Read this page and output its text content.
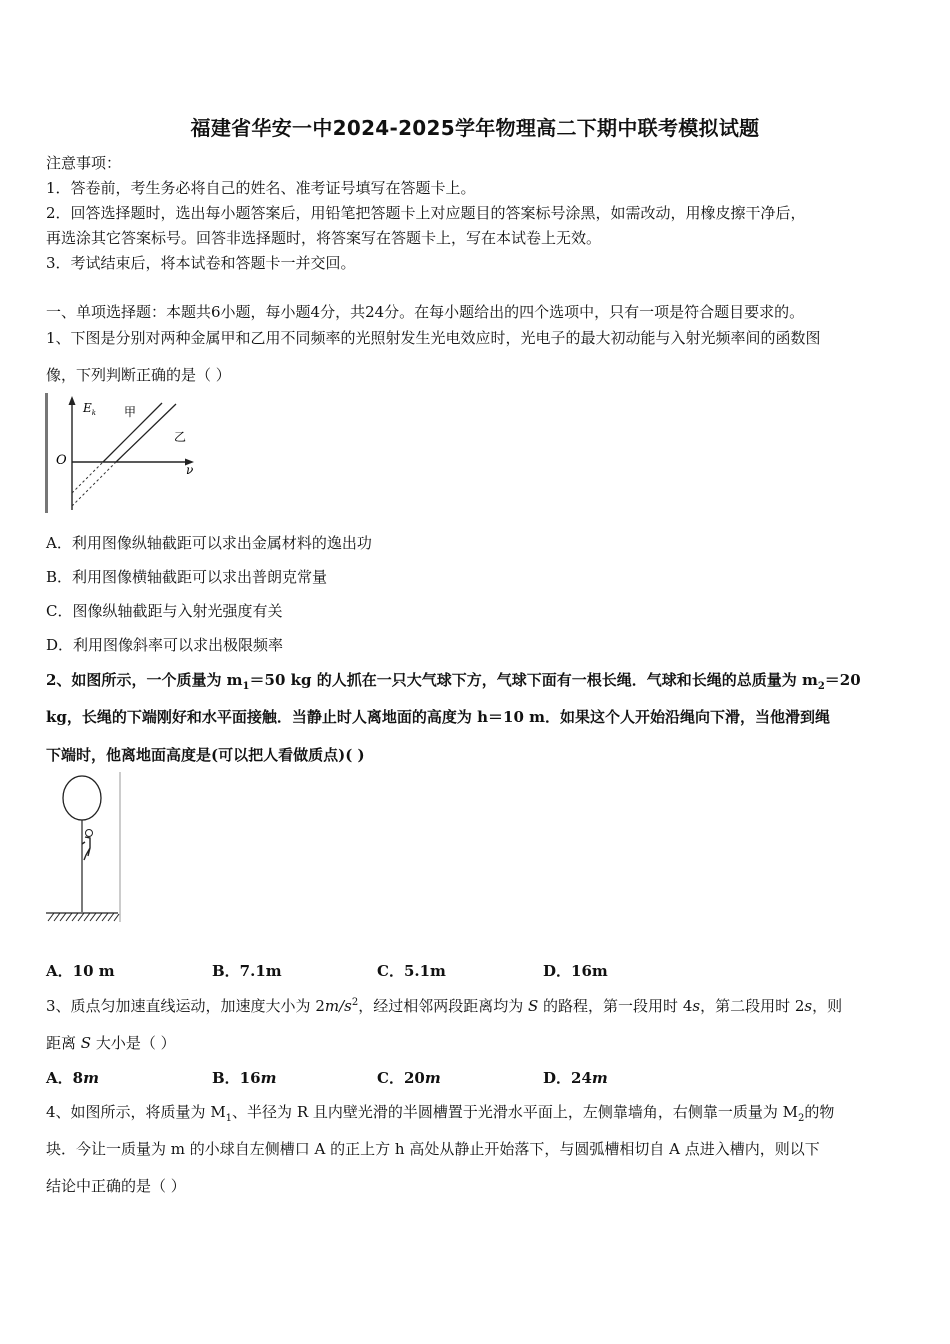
福建省华安一中2024-2025学年物理高二下期中联考模拟试题
注意事项：
1．答卷前，考生务必将自己的姓名、准考证号填写在答题卡上。
2．回答选择题时，选出每小题答案后，用铅笔把答题卡上对应题目的答案标号涂黑，如需改动，用橡皮擦干净后，
再选涂其它答案标号。回答非选择题时，将答案写在答题卡上，写在本试卷上无效。
3．考试结束后，将本试卷和答题卡一并交回。
一、单项选择题：本题共6小题，每小题4分，共24分。在每小题给出的四个选项中，只有一项是符合题目要求的。
1、下图是分别对两种金属甲和乙用不同频率的光照射发生光电效应时，光电子的最大初动能与入射光频率间的函数图
像，下列判断正确的是（ ）
$E_k$
ν
O
甲
乙
A．利用图像纵轴截距可以求出金属材料的逸出功
B．利用图像横轴截距可以求出普朗克常量
C．图像纵轴截距与入射光强度有关
D．利用图像斜率可以求出极限频率
2、如图所示，一个质量为 $m_1=50$ kg 的人抓在一只大气球下方，气球下面有一根长绳．气球和长绳的总质量为 $m_2=20$
kg，长绳的下端刚好和水平面接触．当静止时人离地面的高度为 h＝10 m．如果这个人开始沿绳向下滑，当他滑到绳
下端时，他离地面高度是(可以把人看做质点)( )
A．10 m	B．7.1m	C．5.1m	D．16m
3、质点匀加速直线运动，加速度大小为 $2m/s^2$，经过相邻两段距离均为 S 的路程，第一段用时 4s，第二段用时 2s，则
距离 S 大小是（ ）
A．8m	B．16m	C．20m	D．24m
4、如图所示，将质量为 $M_1$、半径为 R 且内壁光滑的半圆槽置于光滑水平面上，左侧靠墙角，右侧靠一质量为 $M_2$的物
块．今让一质量为 m 的小球自左侧槽口 A 的正上方 h 高处从静止开始落下，与圆弧槽相切自 A 点进入槽内，则以下
结论中正确的是（ ）
